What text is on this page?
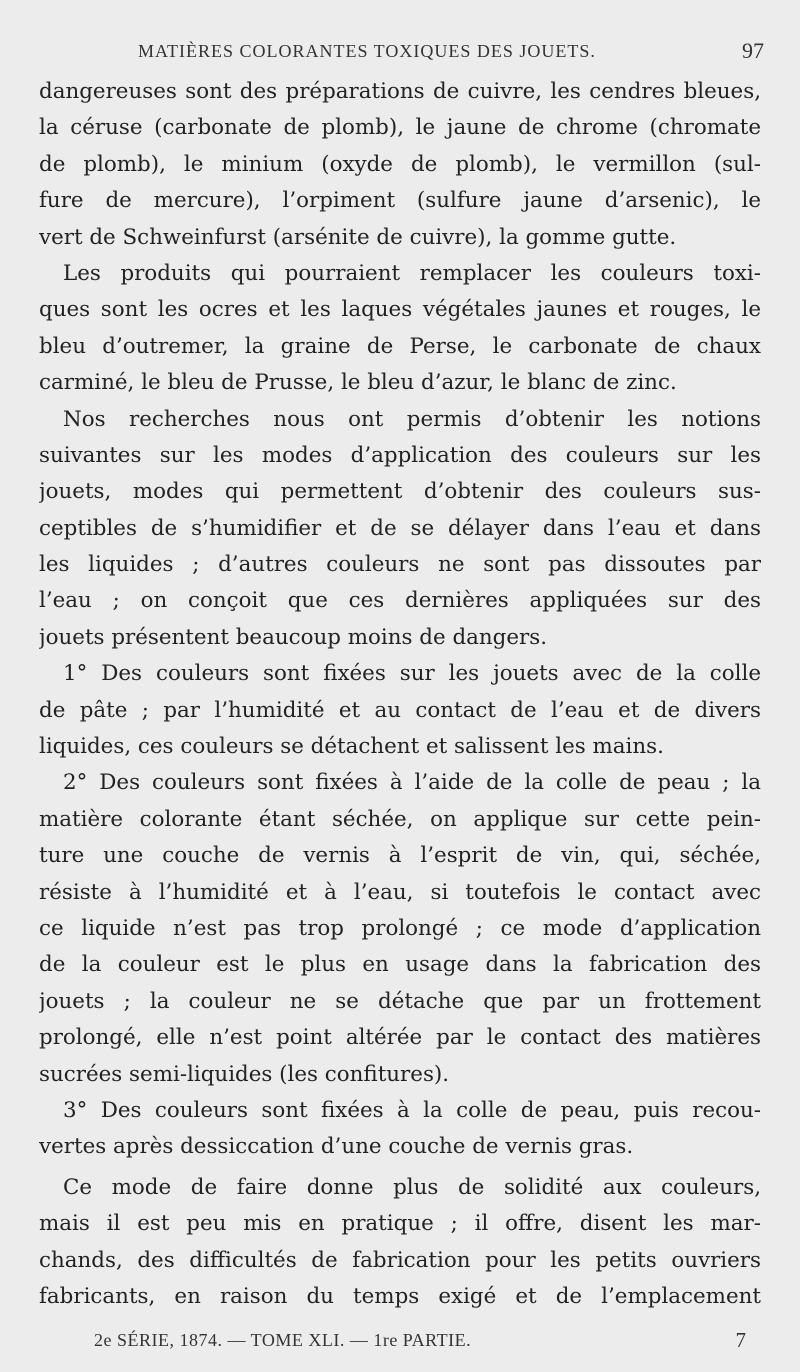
MATIÈRES COLORANTES TOXIQUES DES JOUETS.	97
dangereuses sont des préparations de cuivre, les cendres bleues,
la céruse (carbonate de plomb), le jaune de chrome (chromate
de plomb), le minium (oxyde de plomb), le vermillon (sul-
fure de mercure), l’orpiment (sulfure jaune d’arsenic), le
vert de Schweinfurst (arsénite de cuivre), la gomme gutte.
Les produits qui pourraient remplacer les couleurs toxi-
ques sont les ocres et les laques végétales jaunes et rouges, le
bleu d’outremer, la graine de Perse, le carbonate de chaux
carminé, le bleu de Prusse, le bleu d’azur, le blanc de zinc.
Nos recherches nous ont permis d’obtenir les notions
suivantes sur les modes d’application des couleurs sur les
jouets, modes qui permettent d’obtenir des couleurs sus-
ceptibles de s’humidifier et de se délayer dans l’eau et dans
les liquides ; d’autres couleurs ne sont pas dissoutes par
l’eau ; on conçoit que ces dernières appliquées sur des
jouets présentent beaucoup moins de dangers.
1° Des couleurs sont fixées sur les jouets avec de la colle
de pâte ; par l’humidité et au contact de l’eau et de divers
liquides, ces couleurs se détachent et salissent les mains.
2° Des couleurs sont fixées à l’aide de la colle de peau ; la
matière colorante étant séchée, on applique sur cette pein-
ture une couche de vernis à l’esprit de vin, qui, séchée,
résiste à l’humidité et à l’eau, si toutefois le contact avec
ce liquide n’est pas trop prolongé ; ce mode d’application
de la couleur est le plus en usage dans la fabrication des
jouets ; la couleur ne se détache que par un frottement
prolongé, elle n’est point altérée par le contact des matières
sucrées semi-liquides (les confitures).
3° Des couleurs sont fixées à la colle de peau, puis recou-
vertes après dessiccation d’une couche de vernis gras.
Ce mode de faire donne plus de solidité aux couleurs,
mais il est peu mis en pratique ; il offre, disent les mar-
chands, des difficultés de fabrication pour les petits ouvriers
fabricants, en raison du temps exigé et de l’emplacement
2e SÉRIE, 1874. — TOME XLI. — 1re PARTIE.	7
